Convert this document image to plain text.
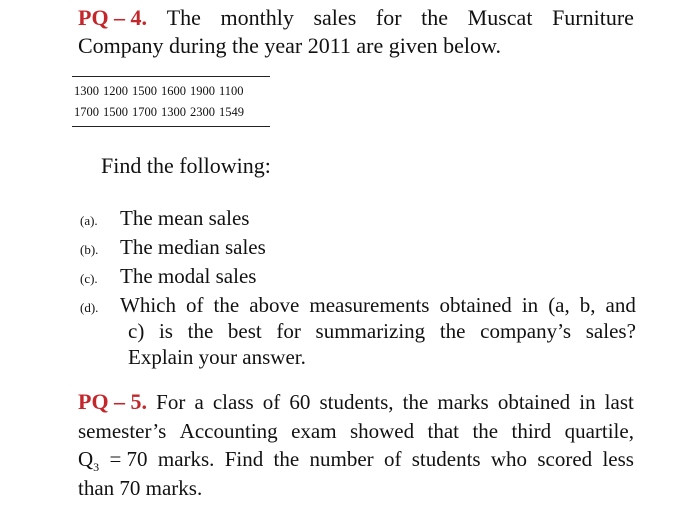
PQ – 4. The monthly sales for the Muscat Furniture
Company during the year 2011 are given below.
1300 1200 1500 1600 1900 1100
1700 1500 1700 1300 2300 1549
Find the following:
(a).	The mean sales
(b).	The median sales
(c).	The modal sales
(d).	Which of the above measurements obtained in (a, b, and
c) is the best for summarizing the company’s sales?
Explain your answer.
PQ – 5. For a class of 60 students, the marks obtained in last
semester’s Accounting exam showed that the third quartile,
$Q_3 = 70$ marks. Find the number of students who scored less
than 70 marks.
